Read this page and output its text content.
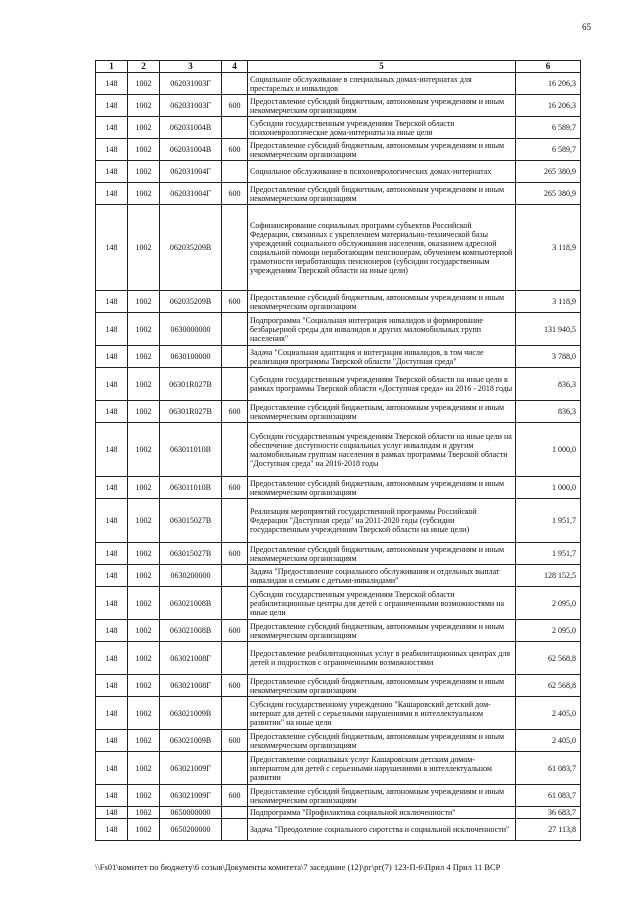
65
1	2	3	4	5	6
148	1002	062031003Г		Социальное обслуживание в специальных домах-интернатах для престарелых и инвалидов	16 206,3
148	1002	062031003Г	600	Предоставление субсидий бюджетным, автономным учреждениям и иным некоммерческим организациям	16 206,3
148	1002	062031004В		Субсидии государственным учреждениям Тверской области психоневрологические дома-интернаты на иные цели	6 589,7
148	1002	062031004В	600	Предоставление субсидий бюджетным, автономным учреждениям и иным некоммерческим организациям	6 589,7
148	1002	062031004Г		Социальное обслуживание в психоневрологических домах-интернатах	265 380,9
148	1002	062031004Г	600	Предоставление субсидий бюджетным, автономным учреждениям и иным некоммерческим организациям	265 380,9
148	1002	062035209В		Софинансирование социальных программ субъектов Российской Федерации, связанных с укреплением материально-технической базы учреждений социального обслуживания населения, оказанием адресной социальной помощи неработающим пенсионерам, обучением компьютерной грамотности неработающих пенсионеров (субсидии государственным учреждениям Тверской области на иные цели)	3 118,9
148	1002	062035209В	600	Предоставление субсидий бюджетным, автономным учреждениям и иным некоммерческим организациям	3 118,9
148	1002	0630000000		Подпрограмма "Социальная интеграция инвалидов и формирование безбарьерной среды для инвалидов и других маломобильных групп населения"	131 940,5
148	1002	0630100000		Задача "Социальная адаптация и интеграция инвалидов, в том числе реализация программы Тверской области "Доступная среда"	3 788,0
148	1002	06301R027В		Субсидии государственным учреждениям Тверской области на иные цели в рамках программы Тверской области «Доступная среда» на 2016 - 2018 годы	836,3
148	1002	06301R027В	600	Предоставление субсидий бюджетным, автономным учреждениям и иным некоммерческим организациям	836,3
148	1002	063011010В		Субсидии государственным учреждениям Тверской области на иные цели на обеспечение доступности социальных услуг инвалидам и другим маломобильным группам населения в рамках программы Тверской области "Доступная среда" на 2016-2018 годы	1 000,0
148	1002	063011010В	600	Предоставление субсидий бюджетным, автономным учреждениям и иным некоммерческим организациям	1 000,0
148	1002	063015027В		Реализация мероприятий государственной программы Российской Федерации "Доступная среда" на 2011-2020 годы (субсидии государственным учреждениям Тверской области на иные цели)	1 951,7
148	1002	063015027В	600	Предоставление субсидий бюджетным, автономным учреждениям и иным некоммерческим организациям	1 951,7
148	1002	0630200000		Задача "Предоставление социального обслуживания и отдельных выплат инвалидам и семьям с детьми-инвалидами"	128 152,5
148	1002	063021008В		Субсидии государственным учреждениям Тверской области реабилитационные центры для детей с ограниченными возможностями на иные цели	2 095,0
148	1002	063021008В	600	Предоставление субсидий бюджетным, автономным учреждениям и иным некоммерческим организациям	2 095,0
148	1002	063021008Г		Предоставление реабилитационных услуг в реабилитационных центрах для детей и подростков с ограниченными возможностями	62 568,8
148	1002	063021008Г	600	Предоставление субсидий бюджетным, автономным учреждениям и иным некоммерческим организациям	62 568,8
148	1002	063021009В		Субсидии государственному учреждению "Кашаровский детский дом-интернат для детей с серьезными нарушениями в интеллектуальном развитии" на иные цели	2 405,0
148	1002	063021009В	600	Предоставление субсидий бюджетным, автономным учреждениям и иным некоммерческим организациям	2 405,0
148	1002	063021009Г		Предоставление социальных услуг Кашаровским детским домом-интернатом для детей с серьезными нарушениями в интеллектуальном развитии	61 083,7
148	1002	063021009Г	600	Предоставление субсидий бюджетным, автономным учреждениям и иным некоммерческим организациям	61 083,7
148	1002	0650000000		Подпрограмма "Профилактика социальной исключенности"	36 683,7
148	1002	0650200000		Задача "Преодоление социального сиротства и социальной исключенности"	27 113,8
\\Fs01\комитет по бюджету\6 созыв\Документы комитета\7 заседание (12)\рг\рг(7) 123-П-6\Прил 4 Прил 11 ВСР
